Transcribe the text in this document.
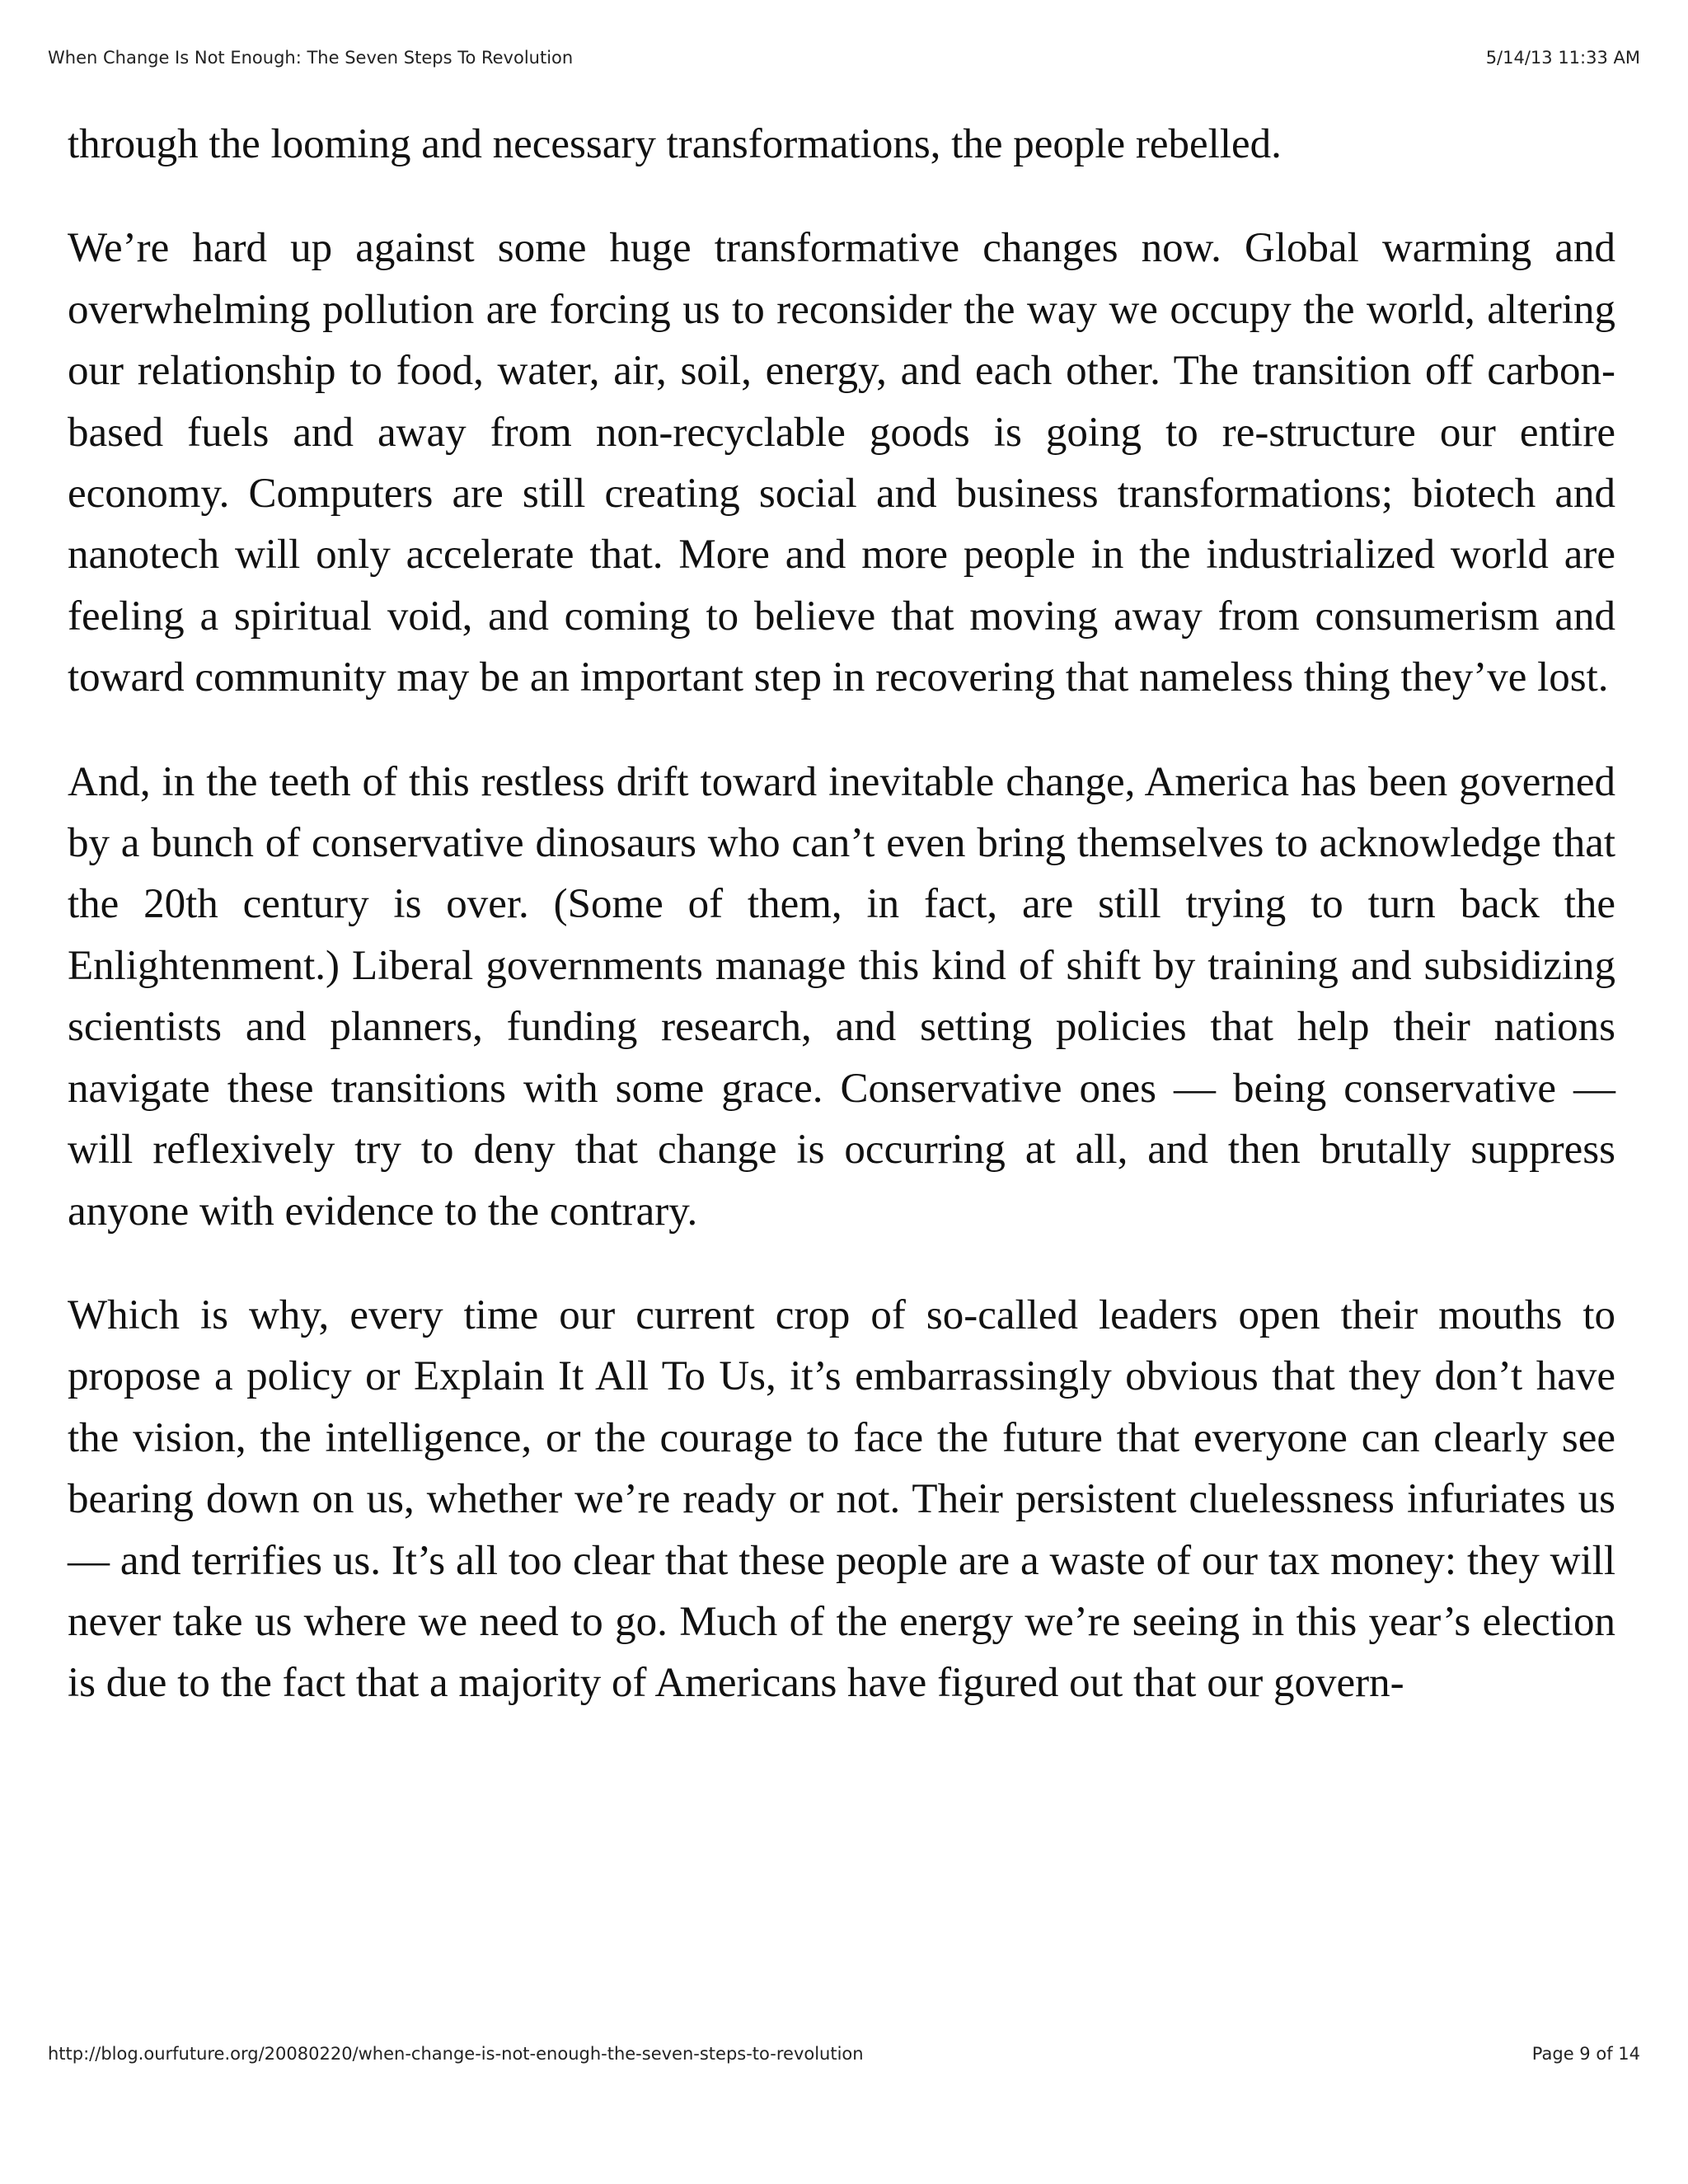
When Change Is Not Enough: The Seven Steps To Revolution	5/14/13 11:33 AM

through the looming and necessary transformations, the people rebelled.

We’re hard up against some huge transformative changes now. Global warming and overwhelming pollution are forcing us to reconsider the way we occupy the world, altering our relationship to food, water, air, soil, energy, and each other. The transition off carbon-based fuels and away from non-recyclable goods is going to re-structure our entire economy. Computers are still creating social and business transformations; biotech and nanotech will only accelerate that. More and more people in the industrialized world are feeling a spiritual void, and coming to believe that moving away from consumerism and toward community may be an important step in recovering that nameless thing they’ve lost.

And, in the teeth of this restless drift toward inevitable change, America has been governed by a bunch of conservative dinosaurs who can’t even bring themselves to acknowledge that the 20th century is over. (Some of them, in fact, are still trying to turn back the Enlightenment.) Liberal governments manage this kind of shift by training and subsidizing scientists and planners, funding research, and setting policies that help their nations navigate these transitions with some grace. Conservative ones — being conservative — will reflexively try to deny that change is occurring at all, and then brutally suppress anyone with evidence to the contrary.

Which is why, every time our current crop of so-called leaders open their mouths to propose a policy or Explain It All To Us, it’s embarrassingly obvious that they don’t have the vision, the intelligence, or the courage to face the future that everyone can clearly see bearing down on us, whether we’re ready or not. Their persistent cluelessness infuriates us — and terrifies us. It’s all too clear that these people are a waste of our tax money: they will never take us where we need to go. Much of the energy we’re seeing in this year’s election is due to the fact that a majority of Americans have figured out that our govern-

http://blog.ourfuture.org/20080220/when-change-is-not-enough-the-seven-steps-to-revolution	Page 9 of 14
